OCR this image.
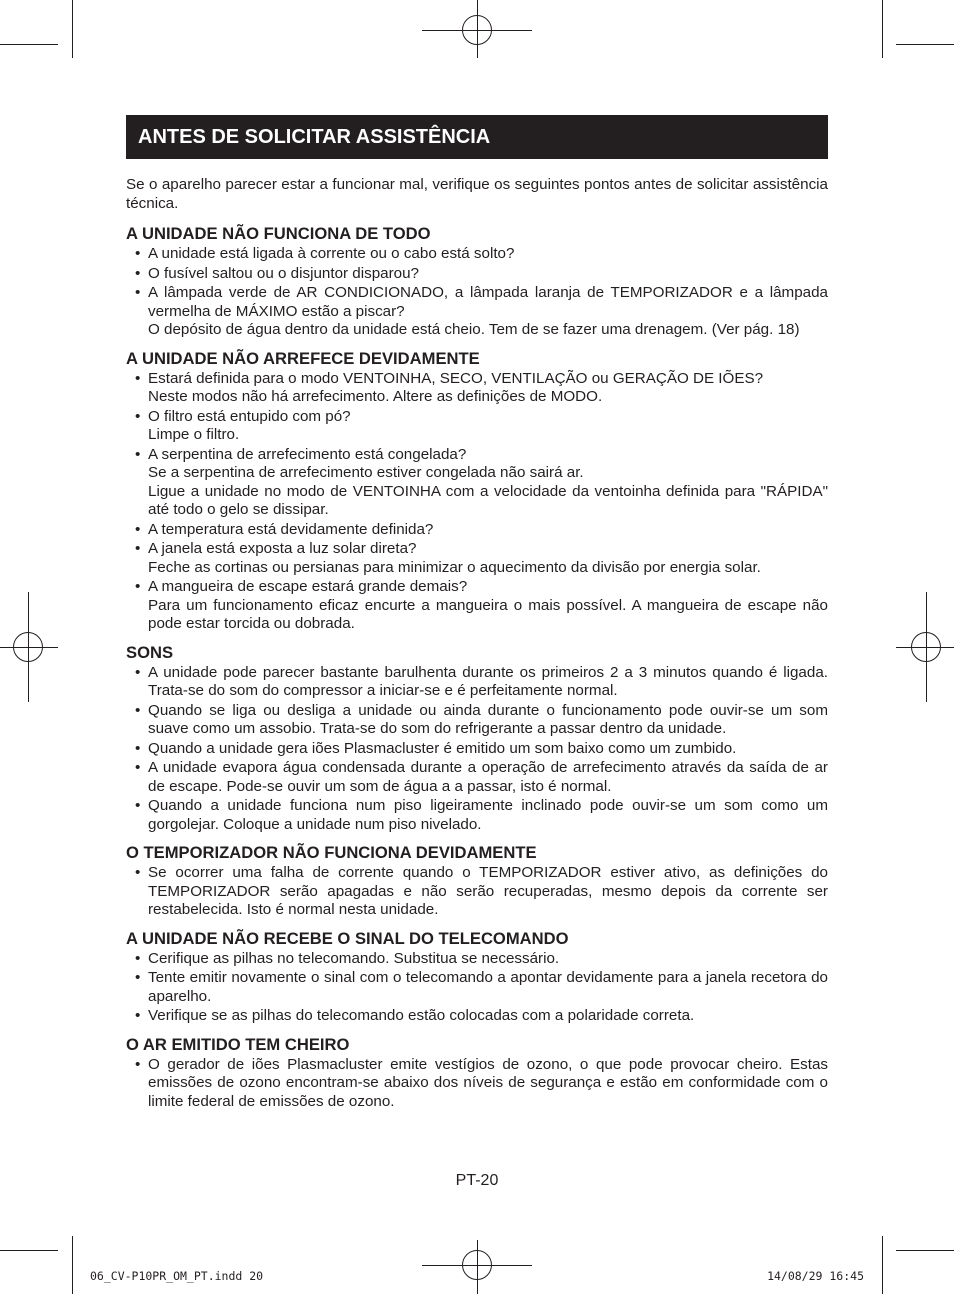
ANTES DE SOLICITAR ASSISTÊNCIA

Se o aparelho parecer estar a funcionar mal, verifique os seguintes pontos antes de solicitar assistência técnica.

A UNIDADE NÃO FUNCIONA DE TODO
• A unidade está ligada à corrente ou o cabo está solto?
• O fusível saltou ou o disjuntor disparou?
• A lâmpada verde de AR CONDICIONADO, a lâmpada laranja de TEMPORIZADOR e a lâmpada vermelha de MÁXIMO estão a piscar?
O depósito de água dentro da unidade está cheio. Tem de se fazer uma drenagem. (Ver pág. 18)
A UNIDADE NÃO ARREFECE DEVIDAMENTE
• Estará definida para o modo VENTOINHA, SECO, VENTILAÇÃO ou GERAÇÃO DE IÕES?
Neste modos não há arrefecimento. Altere as definições de MODO.
• O filtro está entupido com pó?
Limpe o filtro.
• A serpentina de arrefecimento está congelada?
Se a serpentina de arrefecimento estiver congelada não sairá ar.
Ligue a unidade no modo de VENTOINHA com a velocidade da ventoinha definida para "RÁPIDA" até todo o gelo se dissipar.
• A temperatura está devidamente definida?
• A janela está exposta a luz solar direta?
Feche as cortinas ou persianas para minimizar o aquecimento da divisão por energia solar.
• A mangueira de escape estará grande demais?
Para um funcionamento eficaz encurte a mangueira o mais possível. A mangueira de escape não pode estar torcida ou dobrada.
SONS
• A unidade pode parecer bastante barulhenta durante os primeiros 2 a 3 minutos quando é ligada. Trata-se do som do compressor a iniciar-se e é perfeitamente normal.
• Quando se liga ou desliga a unidade ou ainda durante o funcionamento pode ouvir-se um som suave como um assobio. Trata-se do som do refrigerante a passar dentro da unidade.
• Quando a unidade gera iões Plasmacluster é emitido um som baixo como um zumbido.
• A unidade evapora água condensada durante a operação de arrefecimento através da saída de ar de escape. Pode-se ouvir um som de água a a passar, isto é normal.
• Quando a unidade funciona num piso ligeiramente inclinado pode ouvir-se um som como um gorgolejar. Coloque a unidade num piso nivelado.
O TEMPORIZADOR NÃO FUNCIONA DEVIDAMENTE
• Se ocorrer uma falha de corrente quando o TEMPORIZADOR estiver ativo, as definições do TEMPORIZADOR serão apagadas e não serão recuperadas, mesmo depois da corrente ser restabelecida. Isto é normal nesta unidade.
A UNIDADE NÃO RECEBE O SINAL DO TELECOMANDO
• Cerifique as pilhas no telecomando. Substitua se necessário.
• Tente emitir novamente o sinal com o telecomando a apontar devidamente para a janela recetora do aparelho.
• Verifique se as pilhas do telecomando estão colocadas com a polaridade correta.
O AR EMITIDO TEM CHEIRO
• O gerador de iões Plasmacluster emite vestígios de ozono, o que pode provocar cheiro. Estas emissões de ozono encontram-se abaixo dos níveis de segurança e estão em conformidade com o limite federal de emissões de ozono.
PT-20
06_CV-P10PR_OM_PT.indd 20	14/08/29 16:45
